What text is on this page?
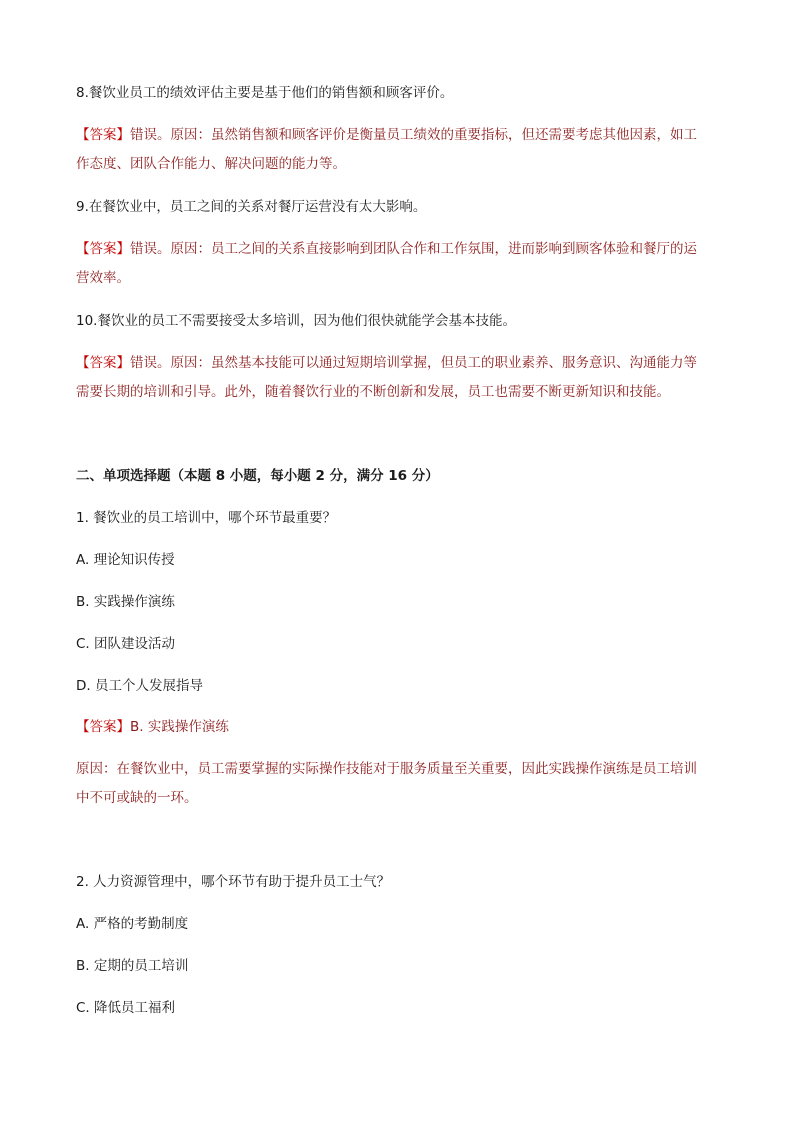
8.餐饮业员工的绩效评估主要是基于他们的销售额和顾客评价。
【答案】错误。原因：虽然销售额和顾客评价是衡量员工绩效的重要指标，但还需要考虑其他因素，如工
作态度、团队合作能力、解决问题的能力等。
9.在餐饮业中，员工之间的关系对餐厅运营没有太大影响。
【答案】错误。原因：员工之间的关系直接影响到团队合作和工作氛围，进而影响到顾客体验和餐厅的运
营效率。
10.餐饮业的员工不需要接受太多培训，因为他们很快就能学会基本技能。
【答案】错误。原因：虽然基本技能可以通过短期培训掌握，但员工的职业素养、服务意识、沟通能力等
需要长期的培训和引导。此外，随着餐饮行业的不断创新和发展，员工也需要不断更新知识和技能。
二、单项选择题（本题 8 小题，每小题 2 分，满分 16 分）
1. 餐饮业的员工培训中，哪个环节最重要？
A. 理论知识传授
B. 实践操作演练
C. 团队建设活动
D. 员工个人发展指导
【答案】B. 实践操作演练
原因：在餐饮业中，员工需要掌握的实际操作技能对于服务质量至关重要，因此实践操作演练是员工培训
中不可或缺的一环。
2. 人力资源管理中，哪个环节有助于提升员工士气？
A. 严格的考勤制度
B. 定期的员工培训
C. 降低员工福利
